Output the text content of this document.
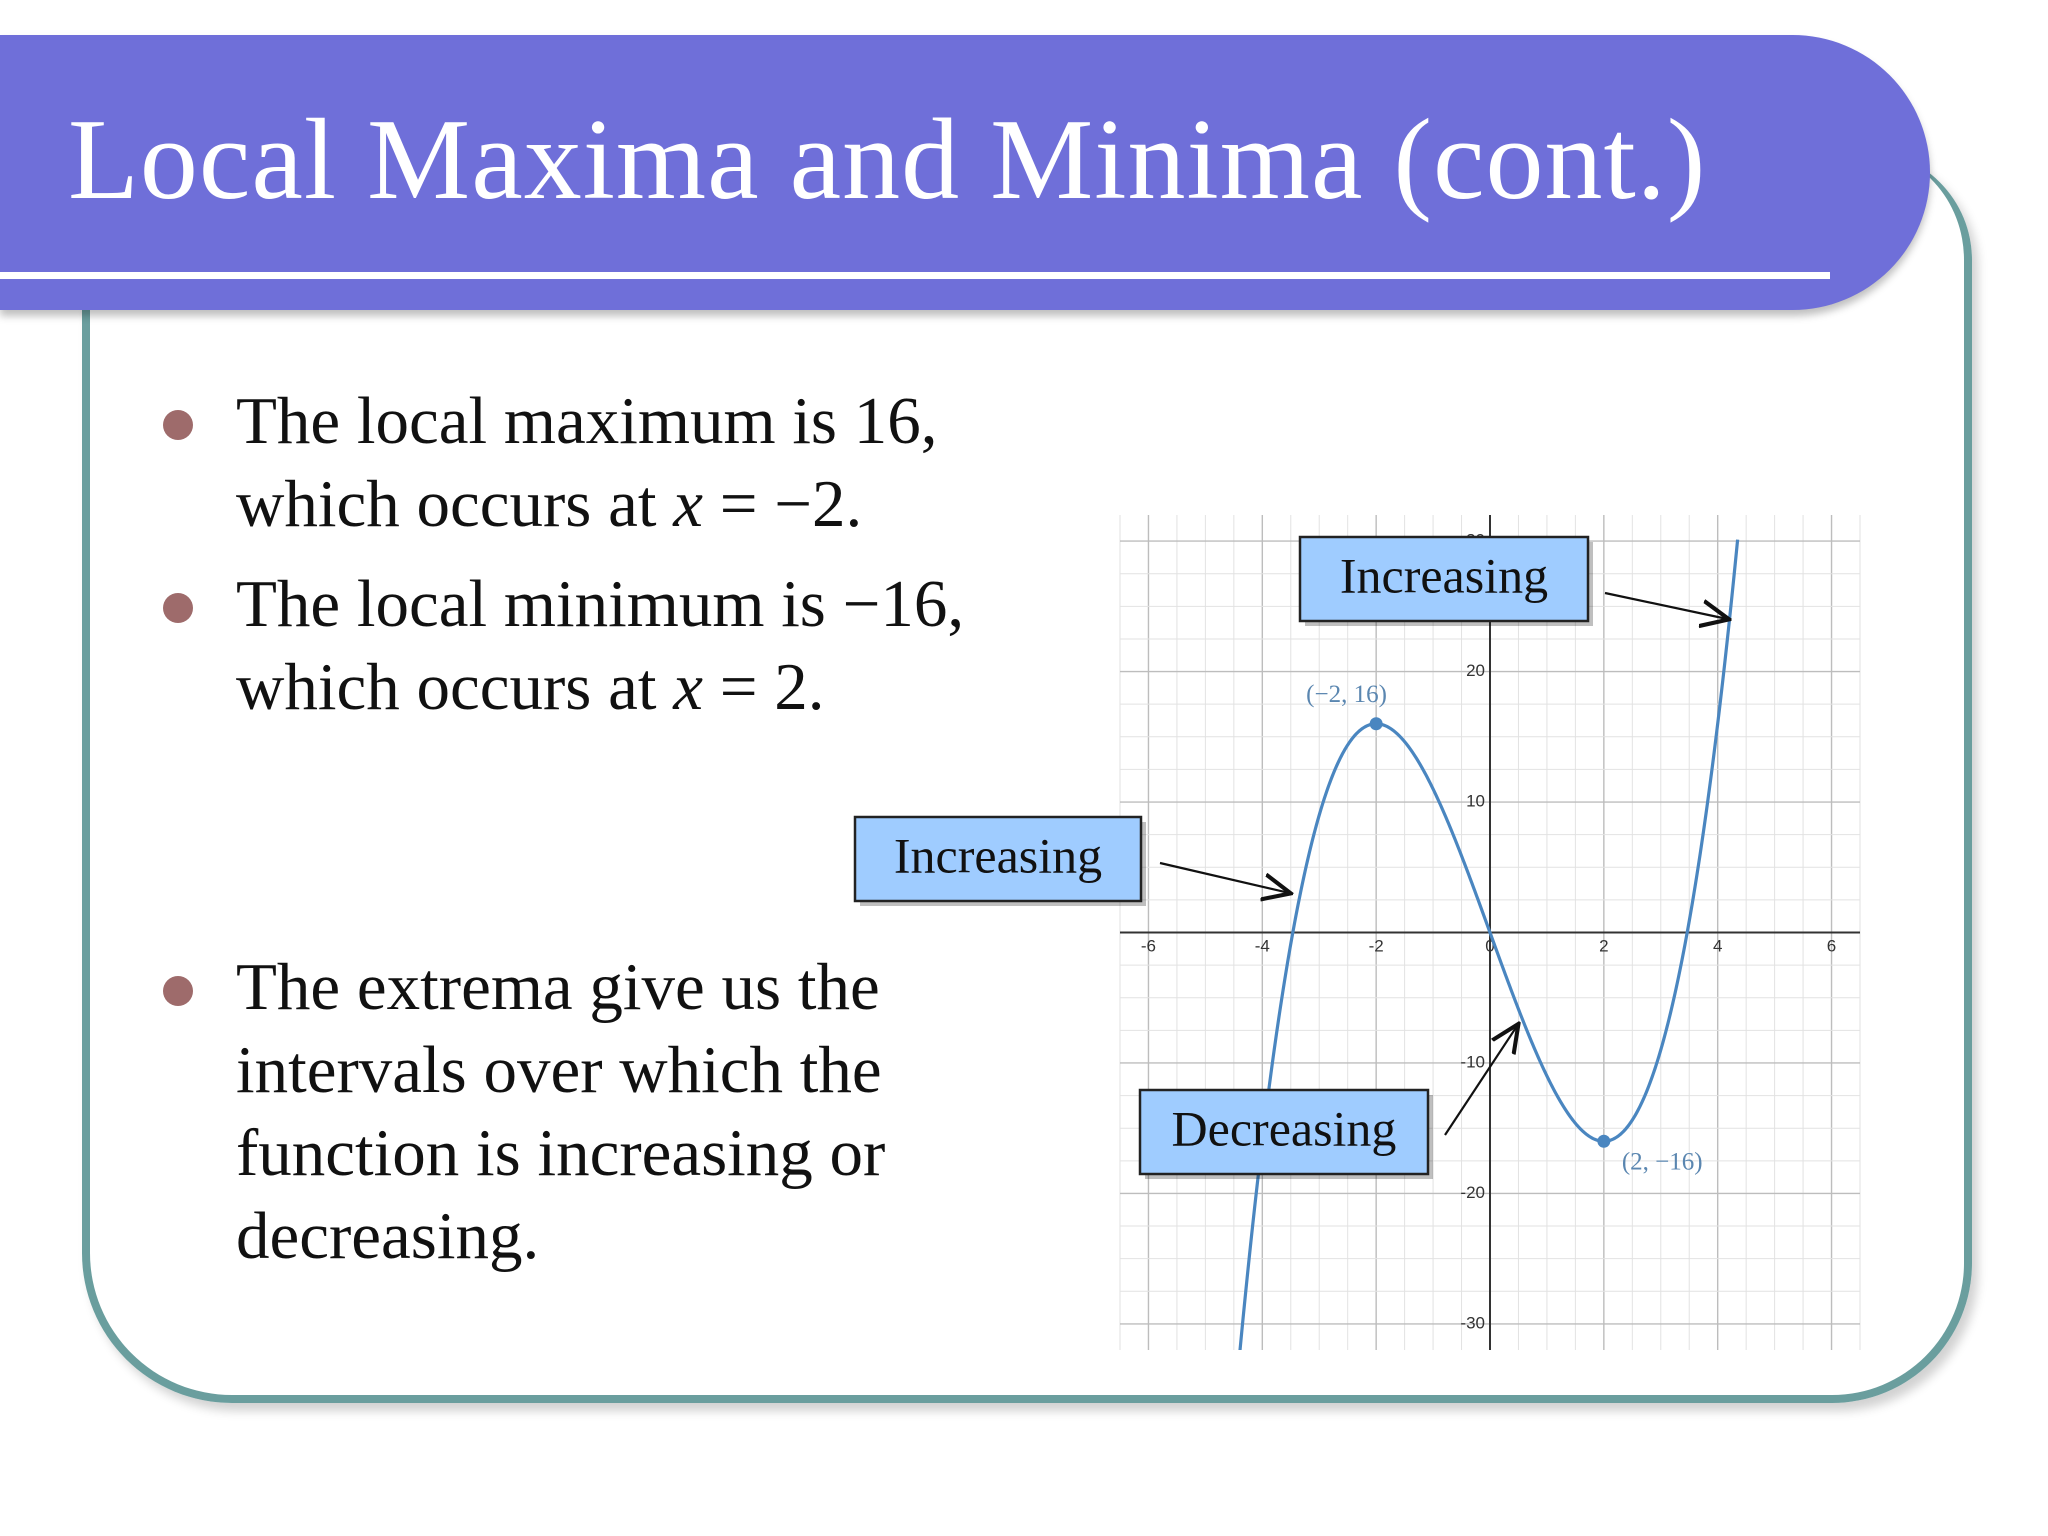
Local Maxima and Minima (cont.)
The local maximum is 16,
which occurs at x = −2.
The local minimum is −16,
which occurs at x = 2.
The extrema give us the
intervals over which the
function is increasing or
decreasing.
-6	-4	-2	0	2	4	6
20
10
-10
-20
-30
(−2, 16)
(2, −16)
Increasing
Increasing
Decreasing
